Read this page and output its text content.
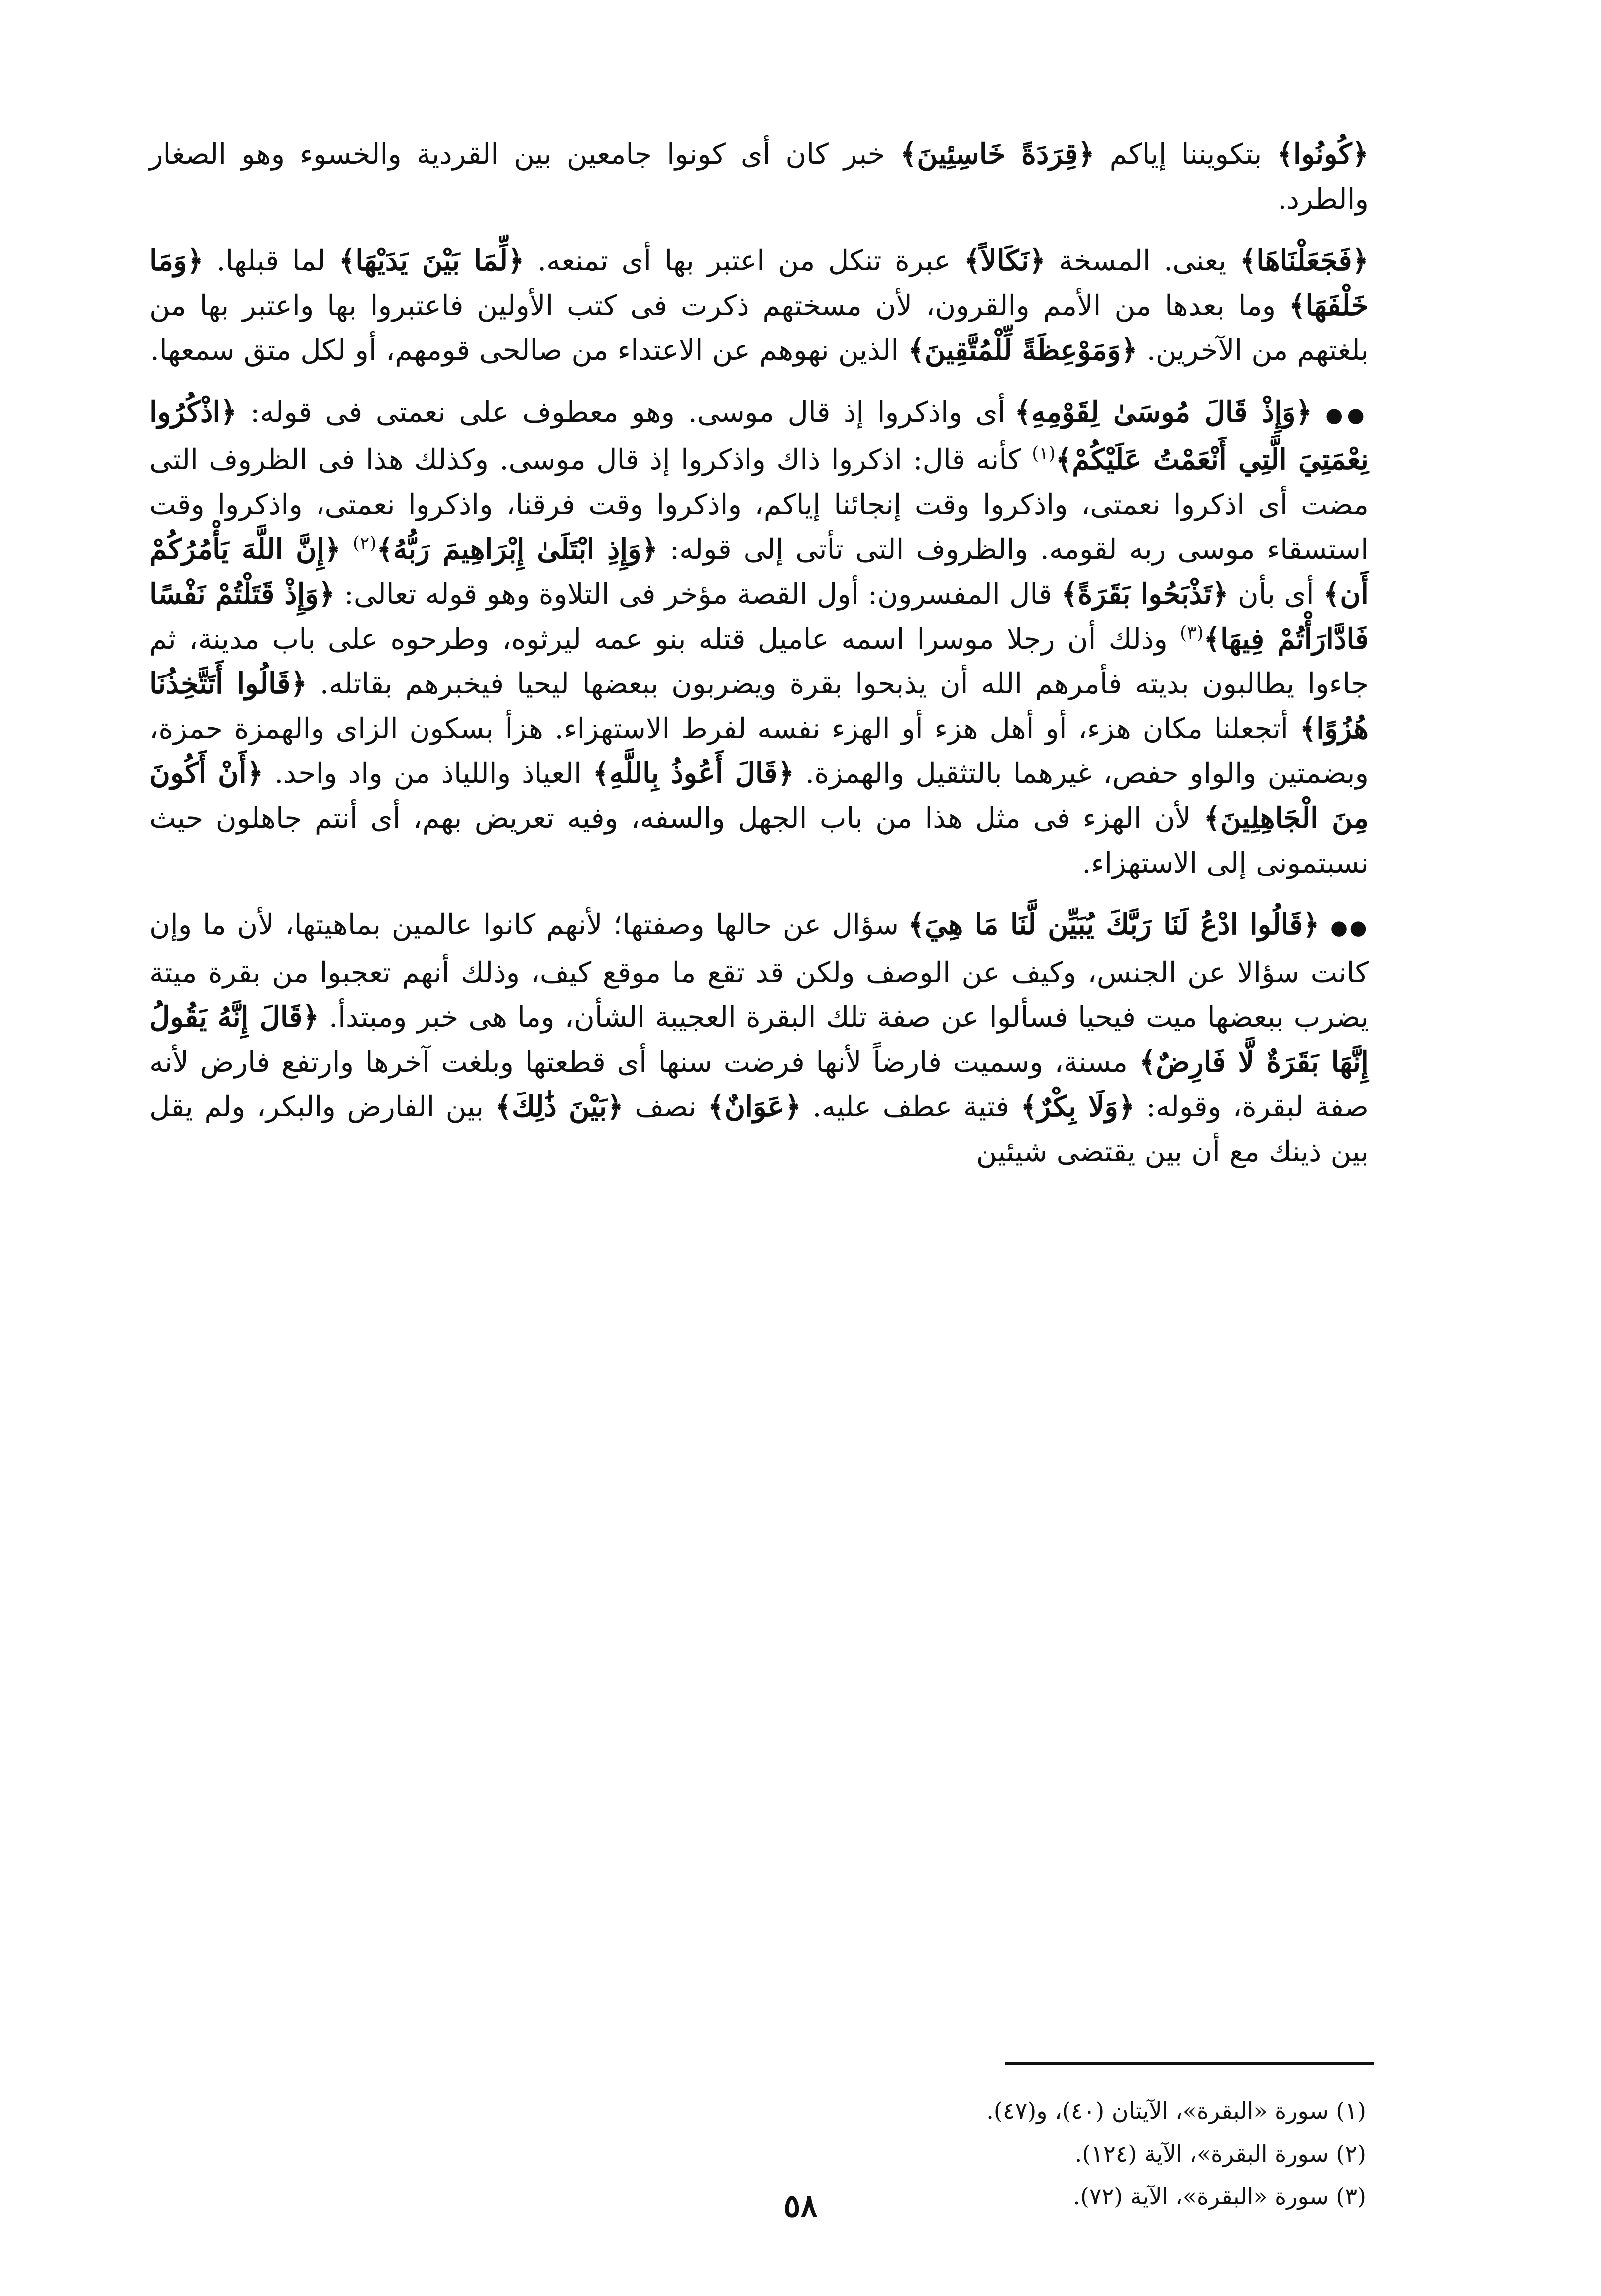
﴿كُونُوا﴾ بتكويننا إياكم ﴿قِرَدَةً خَاسِئِينَ﴾ خبر كان أى كونوا جامعين بين القردية والخسوء وهو الصغار والطرد.

﴿فَجَعَلْنَاهَا﴾ يعنى. المسخة ﴿نَكَالاً﴾ عبرة تنكل من اعتبر بها أى تمنعه. ﴿لِّمَا بَيْنَ يَدَيْهَا﴾ لما قبلها. ﴿وَمَا خَلْفَهَا﴾ وما بعدها من الأمم والقرون، لأن مسختهم ذكرت فى كتب الأولين فاعتبروا بها واعتبر بها من بلغتهم من الآخرين. ﴿وَمَوْعِظَةً لِّلْمُتَّقِينَ﴾ الذين نهوهم عن الاعتداء من صالحى قومهم، أو لكل متق سمعها.

●● ﴿وَإِذْ قَالَ مُوسَىٰ لِقَوْمِهِ﴾ أى واذكروا إذ قال موسى. وهو معطوف على نعمتى فى قوله: ﴿اذْكُرُوا نِعْمَتِيَ الَّتِي أَنْعَمْتُ عَلَيْكُمْ﴾$^{(١)}$ كأنه قال: اذكروا ذاك واذكروا إذ قال موسى. وكذلك هذا فى الظروف التى مضت أى اذكروا نعمتى، واذكروا وقت إنجائنا إياكم، واذكروا وقت فرقنا، واذكروا نعمتى، واذكروا وقت استسقاء موسى ربه لقومه. والظروف التى تأتى إلى قوله: ﴿وَإِذِ ابْتَلَىٰ إِبْرَاهِيمَ رَبُّهُ﴾$^{(٢)}$ ﴿إِنَّ اللَّهَ يَأْمُرُكُمْ أَن﴾ أى بأن ﴿تَذْبَحُوا بَقَرَةً﴾ قال المفسرون: أول القصة مؤخر فى التلاوة وهو قوله تعالى: ﴿وَإِذْ قَتَلْتُمْ نَفْسًا فَادَّارَأْتُمْ فِيهَا﴾$^{(٣)}$ وذلك أن رجلا موسرا اسمه عاميل قتله بنو عمه ليرثوه، وطرحوه على باب مدينة، ثم جاءوا يطالبون بديته فأمرهم الله أن يذبحوا بقرة ويضربون ببعضها ليحيا فيخبرهم بقاتله. ﴿قَالُوا أَتَتَّخِذُنَا هُزُوًا﴾ أتجعلنا مكان هزء، أو أهل هزء أو الهزء نفسه لفرط الاستهزاء. هزأ بسكون الزاى والهمزة حمزة، وبضمتين والواو حفص، غيرهما بالتثقيل والهمزة. ﴿قَالَ أَعُوذُ بِاللَّهِ﴾ العياذ واللياذ من واد واحد. ﴿أَنْ أَكُونَ مِنَ الْجَاهِلِينَ﴾ لأن الهزء فى مثل هذا من باب الجهل والسفه، وفيه تعريض بهم، أى أنتم جاهلون حيث نسبتمونى إلى الاستهزاء.

●● ﴿قَالُوا ادْعُ لَنَا رَبَّكَ يُبَيِّن لَّنَا مَا هِيَ﴾ سؤال عن حالها وصفتها؛ لأنهم كانوا عالمين بماهيتها، لأن ما وإن كانت سؤالا عن الجنس، وكيف عن الوصف ولكن قد تقع ما موقع كيف، وذلك أنهم تعجبوا من بقرة ميتة يضرب ببعضها ميت فيحيا فسألوا عن صفة تلك البقرة العجيبة الشأن، وما هى خبر ومبتدأ. ﴿قَالَ إِنَّهُ يَقُولُ إِنَّهَا بَقَرَةٌ لَّا فَارِضٌ﴾ مسنة، وسميت فارضاً لأنها فرضت سنها أى قطعتها وبلغت آخرها وارتفع فارض لأنه صفة لبقرة، وقوله: ﴿وَلَا بِكْرٌ﴾ فتية عطف عليه. ﴿عَوَانٌ﴾ نصف ﴿بَيْنَ ذَٰلِكَ﴾ بين الفارض والبكر، ولم يقل بين ذينك مع أن بين يقتضى شيئين

(١) سورة «البقرة»، الآيتان (٤٠)، و(٤٧).
(٢) سورة البقرة»، الآية (١٢٤).
(٣) سورة «البقرة»، الآية (٧٢).
٥٨
